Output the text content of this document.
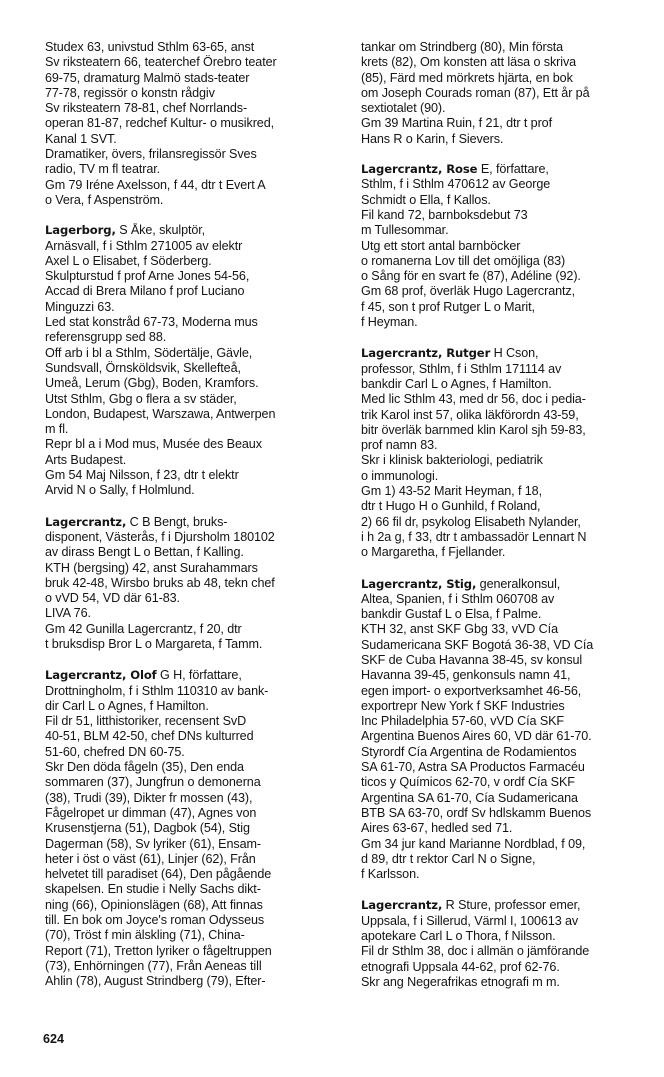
Studex 63, univstud Sthlm 63-65, anst
Sv riksteatern 66, teaterchef Örebro teater
69-75, dramaturg Malmö stads-teater
77-78, regissör o konstn rådgiv
Sv riksteatern 78-81, chef Norrlands-
operan 81-87, redchef Kultur- o musikred,
Kanal 1 SVT.
Dramatiker, övers, frilansregissör Sves
radio, TV m fl teatrar.
Gm 79 Iréne Axelsson, f 44, dtr t Evert A
o Vera, f Aspenström.
Lagerborg, S Åke, skulptör,
Arnäsvall, f i Sthlm 271005 av elektr
Axel L o Elisabet, f Söderberg.
Skulpturstud f prof Arne Jones 54-56,
Accad di Brera Milano f prof Luciano
Minguzzi 63.
Led stat konstråd 67-73, Moderna mus
referensgrupp sed 88.
Off arb i bl a Sthlm, Södertälje, Gävle,
Sundsvall, Örnsköldsvik, Skellefteå,
Umeå, Lerum (Gbg), Boden, Kramfors.
Utst Sthlm, Gbg o flera a sv städer,
London, Budapest, Warszawa, Antwerpen
m fl.
Repr bl a i Mod mus, Musée des Beaux
Arts Budapest.
Gm 54 Maj Nilsson, f 23, dtr t elektr
Arvid N o Sally, f Holmlund.
Lagercrantz, C B Bengt, bruks-
disponent, Västerås, f i Djursholm 180102
av dirass Bengt L o Bettan, f Kalling.
KTH (bergsing) 42, anst Surahammars
bruk 42-48, Wirsbo bruks ab 48, tekn chef
o vVD 54, VD där 61-83.
LIVA 76.
Gm 42 Gunilla Lagercrantz, f 20, dtr
t bruksdisp Bror L o Margareta, f Tamm.
Lagercrantz, Olof G H, författare,
Drottningholm, f i Sthlm 110310 av bank-
dir Carl L o Agnes, f Hamilton.
Fil dr 51, litthistoriker, recensent SvD
40-51, BLM 42-50, chef DNs kulturred
51-60, chefred DN 60-75.
Skr Den döda fågeln (35), Den enda
sommaren (37), Jungfrun o demonerna
(38), Trudi (39), Dikter fr mossen (43),
Fågelropet ur dimman (47), Agnes von
Krusenstjerna (51), Dagbok (54), Stig
Dagerman (58), Sv lyriker (61), Ensam-
heter i öst o väst (61), Linjer (62), Från
helvetet till paradiset (64), Den pågående
skapelsen. En studie i Nelly Sachs dikt-
ning (66), Opinionslägen (68), Att finnas
till. En bok om Joyce's roman Odysseus
(70), Tröst f min älskling (71), China-
Report (71), Tretton lyriker o fågeltruppen
(73), Enhörningen (77), Från Aeneas till
Ahlin (78), August Strindberg (79), Efter-
tankar om Strindberg (80), Min första
krets (82), Om konsten att läsa o skriva
(85), Färd med mörkrets hjärta, en bok
om Joseph Courads roman (87), Ett år på
sextiotalet (90).
Gm 39 Martina Ruin, f 21, dtr t prof
Hans R o Karin, f Sievers.
Lagercrantz, Rose E, författare,
Sthlm, f i Sthlm 470612 av George
Schmidt o Ella, f Kallos.
Fil kand 72, barnboksdebut 73
m Tullesommar.
Utg ett stort antal barnböcker
o romanerna Lov till det omöjliga (83)
o Sång för en svart fe (87), Adéline (92).
Gm 68 prof, överläk Hugo Lagercrantz,
f 45, son t prof Rutger L o Marit,
f Heyman.
Lagercrantz, Rutger H Cson,
professor, Sthlm, f i Sthlm 171114 av
bankdir Carl L o Agnes, f Hamilton.
Med lic Sthlm 43, med dr 56, doc i pedia-
trik Karol inst 57, olika läkförordn 43-59,
bitr överläk barnmed klin Karol sjh 59-83,
prof namn 83.
Skr i klinisk bakteriologi, pediatrik
o immunologi.
Gm 1) 43-52 Marit Heyman, f 18,
dtr t Hugo H o Gunhild, f Roland,
2) 66 fil dr, psykolog Elisabeth Nylander,
i h 2a g, f 33, dtr t ambassadör Lennart N
o Margaretha, f Fjellander.
Lagercrantz, Stig, generalkonsul,
Altea, Spanien, f i Sthlm 060708 av
bankdir Gustaf L o Elsa, f Palme.
KTH 32, anst SKF Gbg 33, vVD Cía
Sudamericana SKF Bogotá 36-38, VD Cía
SKF de Cuba Havanna 38-45, sv konsul
Havanna 39-45, genkonsuls namn 41,
egen import- o exportverksamhet 46-56,
exportrepr New York f SKF Industries
Inc Philadelphia 57-60, vVD Cía SKF
Argentina Buenos Aires 60, VD där 61-70.
Styrordf Cía Argentina de Rodamientos
SA 61-70, Astra SA Productos Farmacéu
ticos y Químicos 62-70, v ordf Cía SKF
Argentina SA 61-70, Cía Sudamericana
BTB SA 63-70, ordf Sv hdlskamm Buenos
Aires 63-67, hedled sed 71.
Gm 34 jur kand Marianne Nordblad, f 09,
d 89, dtr t rektor Carl N o Signe,
f Karlsson.
Lagercrantz, R Sture, professor emer,
Uppsala, f i Sillerud, Värml I, 100613 av
apotekare Carl L o Thora, f Nilsson.
Fil dr Sthlm 38, doc i allmän o jämförande
etnografi Uppsala 44-62, prof 62-76.
Skr ang Negerafrikas etnografi m m.
624
